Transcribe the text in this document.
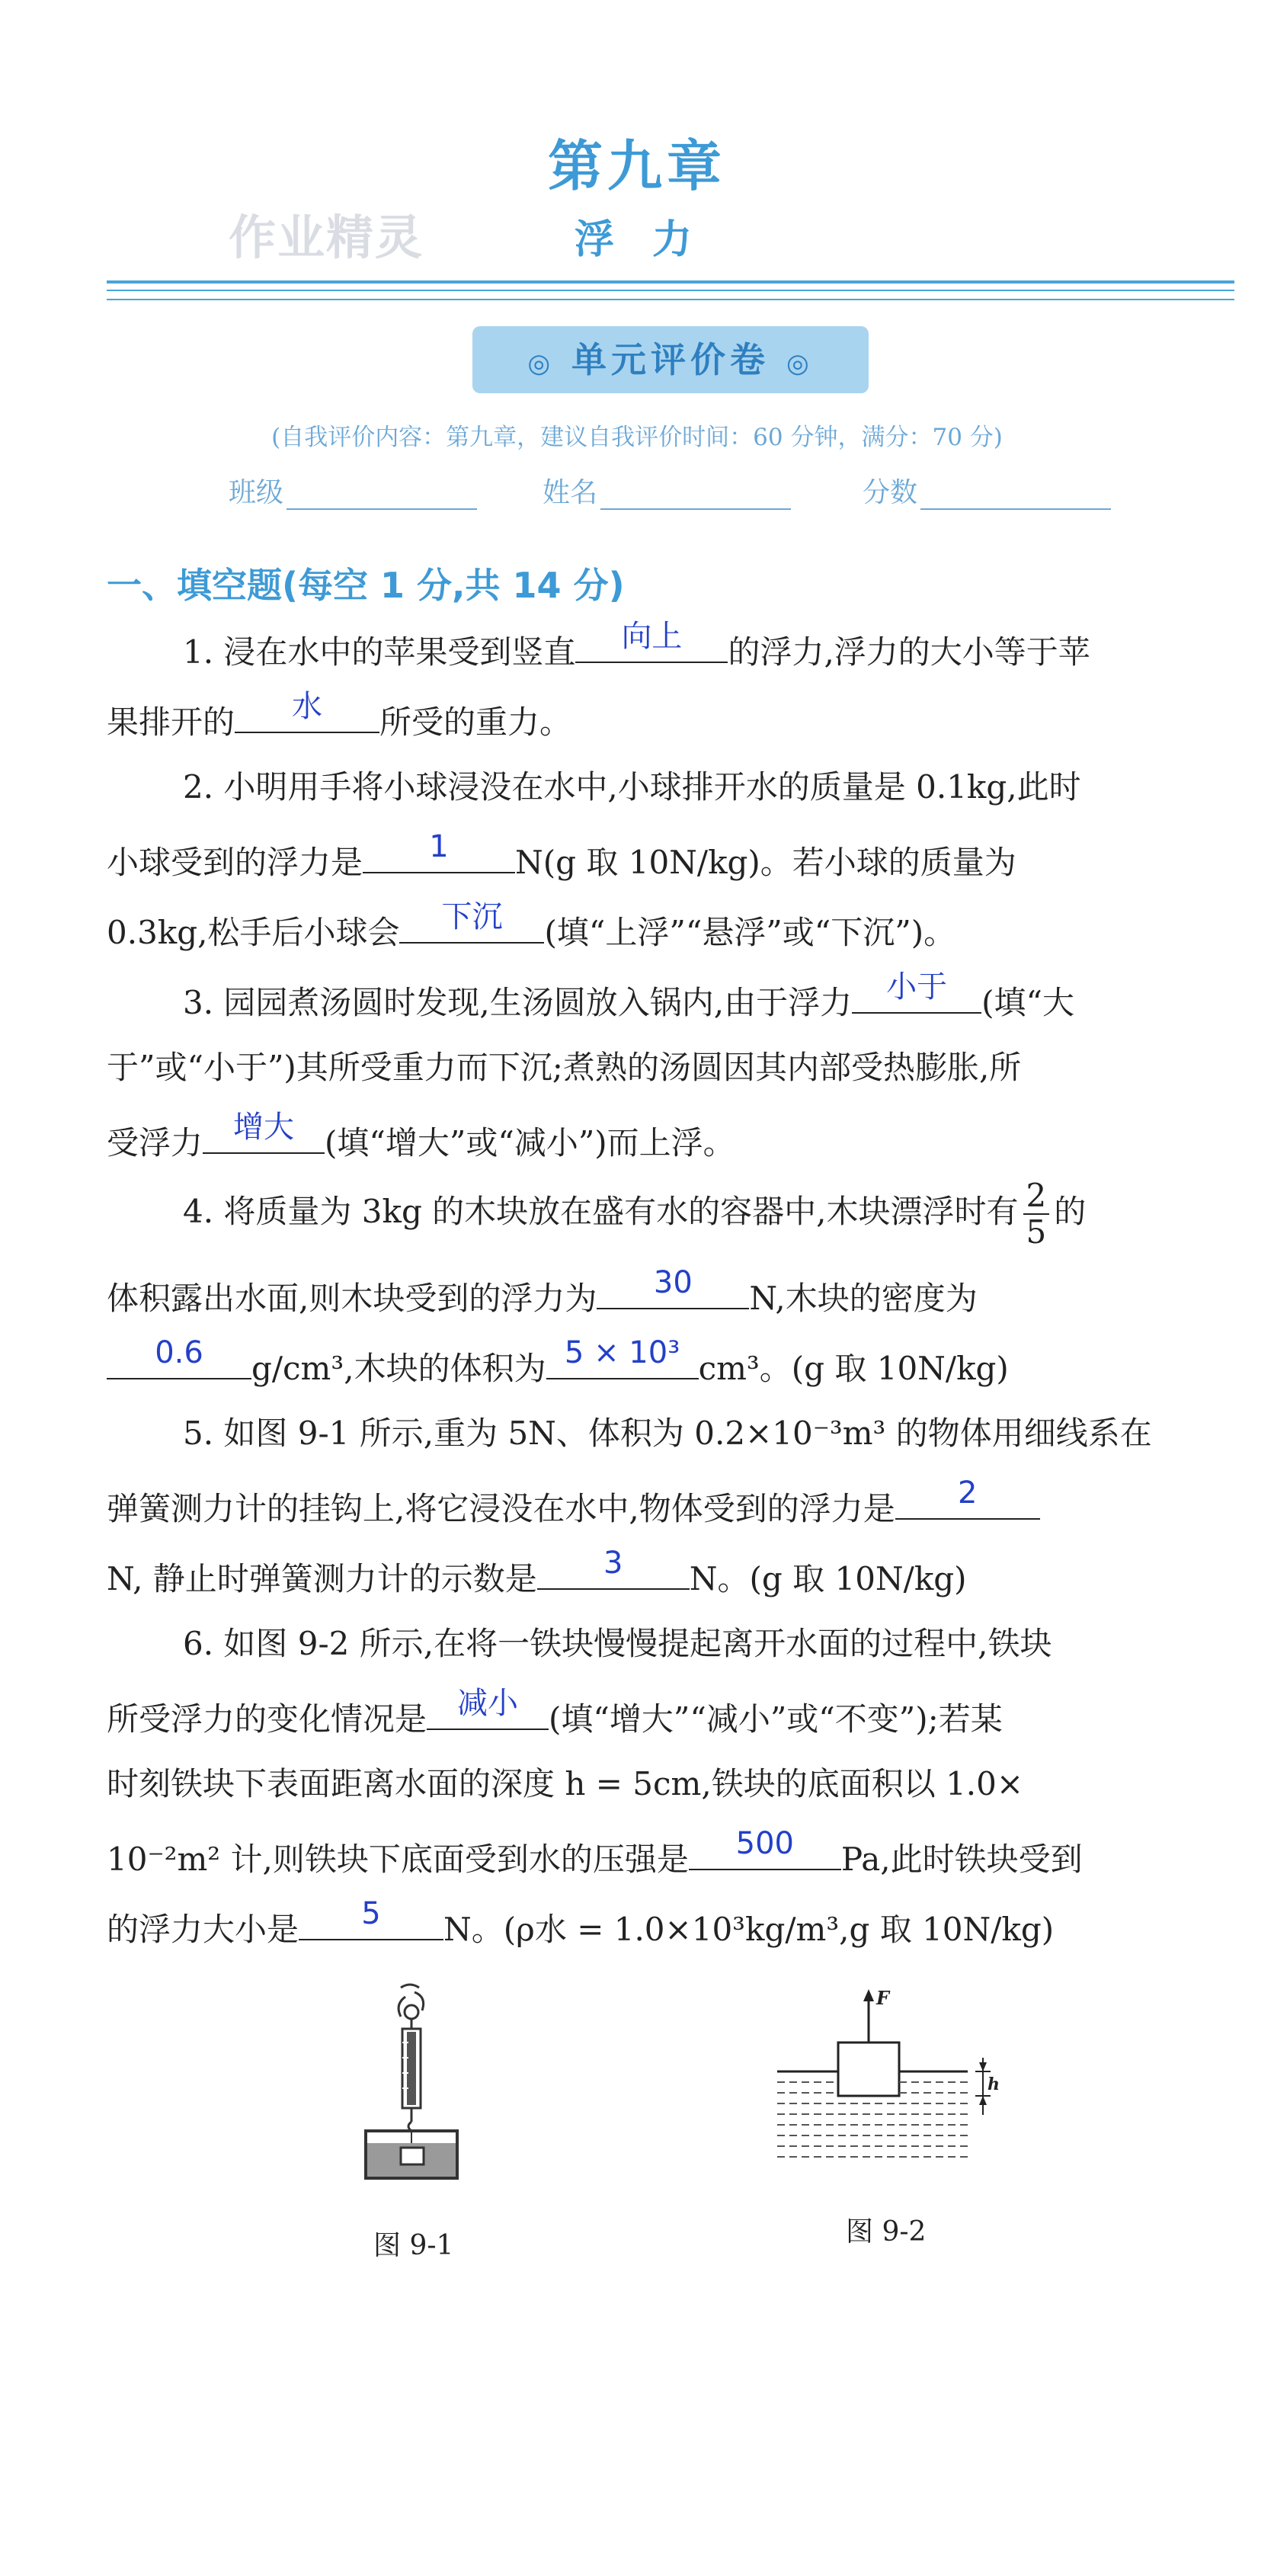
第九章
作业精灵	浮力
◎ 单元评价卷 ◎
(自我评价内容：第九章，建议自我评价时间：60 分钟，满分：70 分)
班级	姓名	分数
一、填空题(每空 1 分,共 14 分)
1. 浸在水中的苹果受到竖直	向上	的浮力,浮力的大小等于苹
果排开的	水	所受的重力。
2. 小明用手将小球浸没在水中,小球排开水的质量是 0.1kg,此时
小球受到的浮力是	1	N(g 取 10N/kg)。若小球的质量为
0.3kg,松手后小球会	下沉	(填“上浮”“悬浮”或“下沉”)。
3. 园园煮汤圆时发现,生汤圆放入锅内,由于浮力	小于	(填“大
于”或“小于”)其所受重力而下沉;煮熟的汤圆因其内部受热膨胀,所
受浮力	增大 (填“增大”或“减小”)而上浮。
4. 将质量为 3kg 的木块放在盛有水的容器中,木块漂浮时有 $\frac{2}{5}$ 的
体积露出水面,则木块受到的浮力为	30	N,木块的密度为
0.6	g/cm³,木块的体积为 5 × 10³ cm³。(g 取 10N/kg)
5. 如图 9-1 所示,重为 5N、体积为 0.2×10⁻³m³ 的物体用细线系在
弹簧测力计的挂钩上,将它浸没在水中,物体受到的浮力是	2
N, 静止时弹簧测力计的示数是	3	N。(g 取 10N/kg)
6. 如图 9-2 所示,在将一铁块慢慢提起离开水面的过程中,铁块
所受浮力的变化情况是	减小 (填“增大”“减小”或“不变”);若某
时刻铁块下表面距离水面的深度 h = 5cm,铁块的底面积以 1.0×
10⁻²m² 计,则铁块下底面受到水的压强是	500	Pa,此时铁块受到
的浮力大小是	5	N。(ρ水 = 1.0×10³kg/m³,g 取 10N/kg)
图 9-1
F
h
图 9-2
